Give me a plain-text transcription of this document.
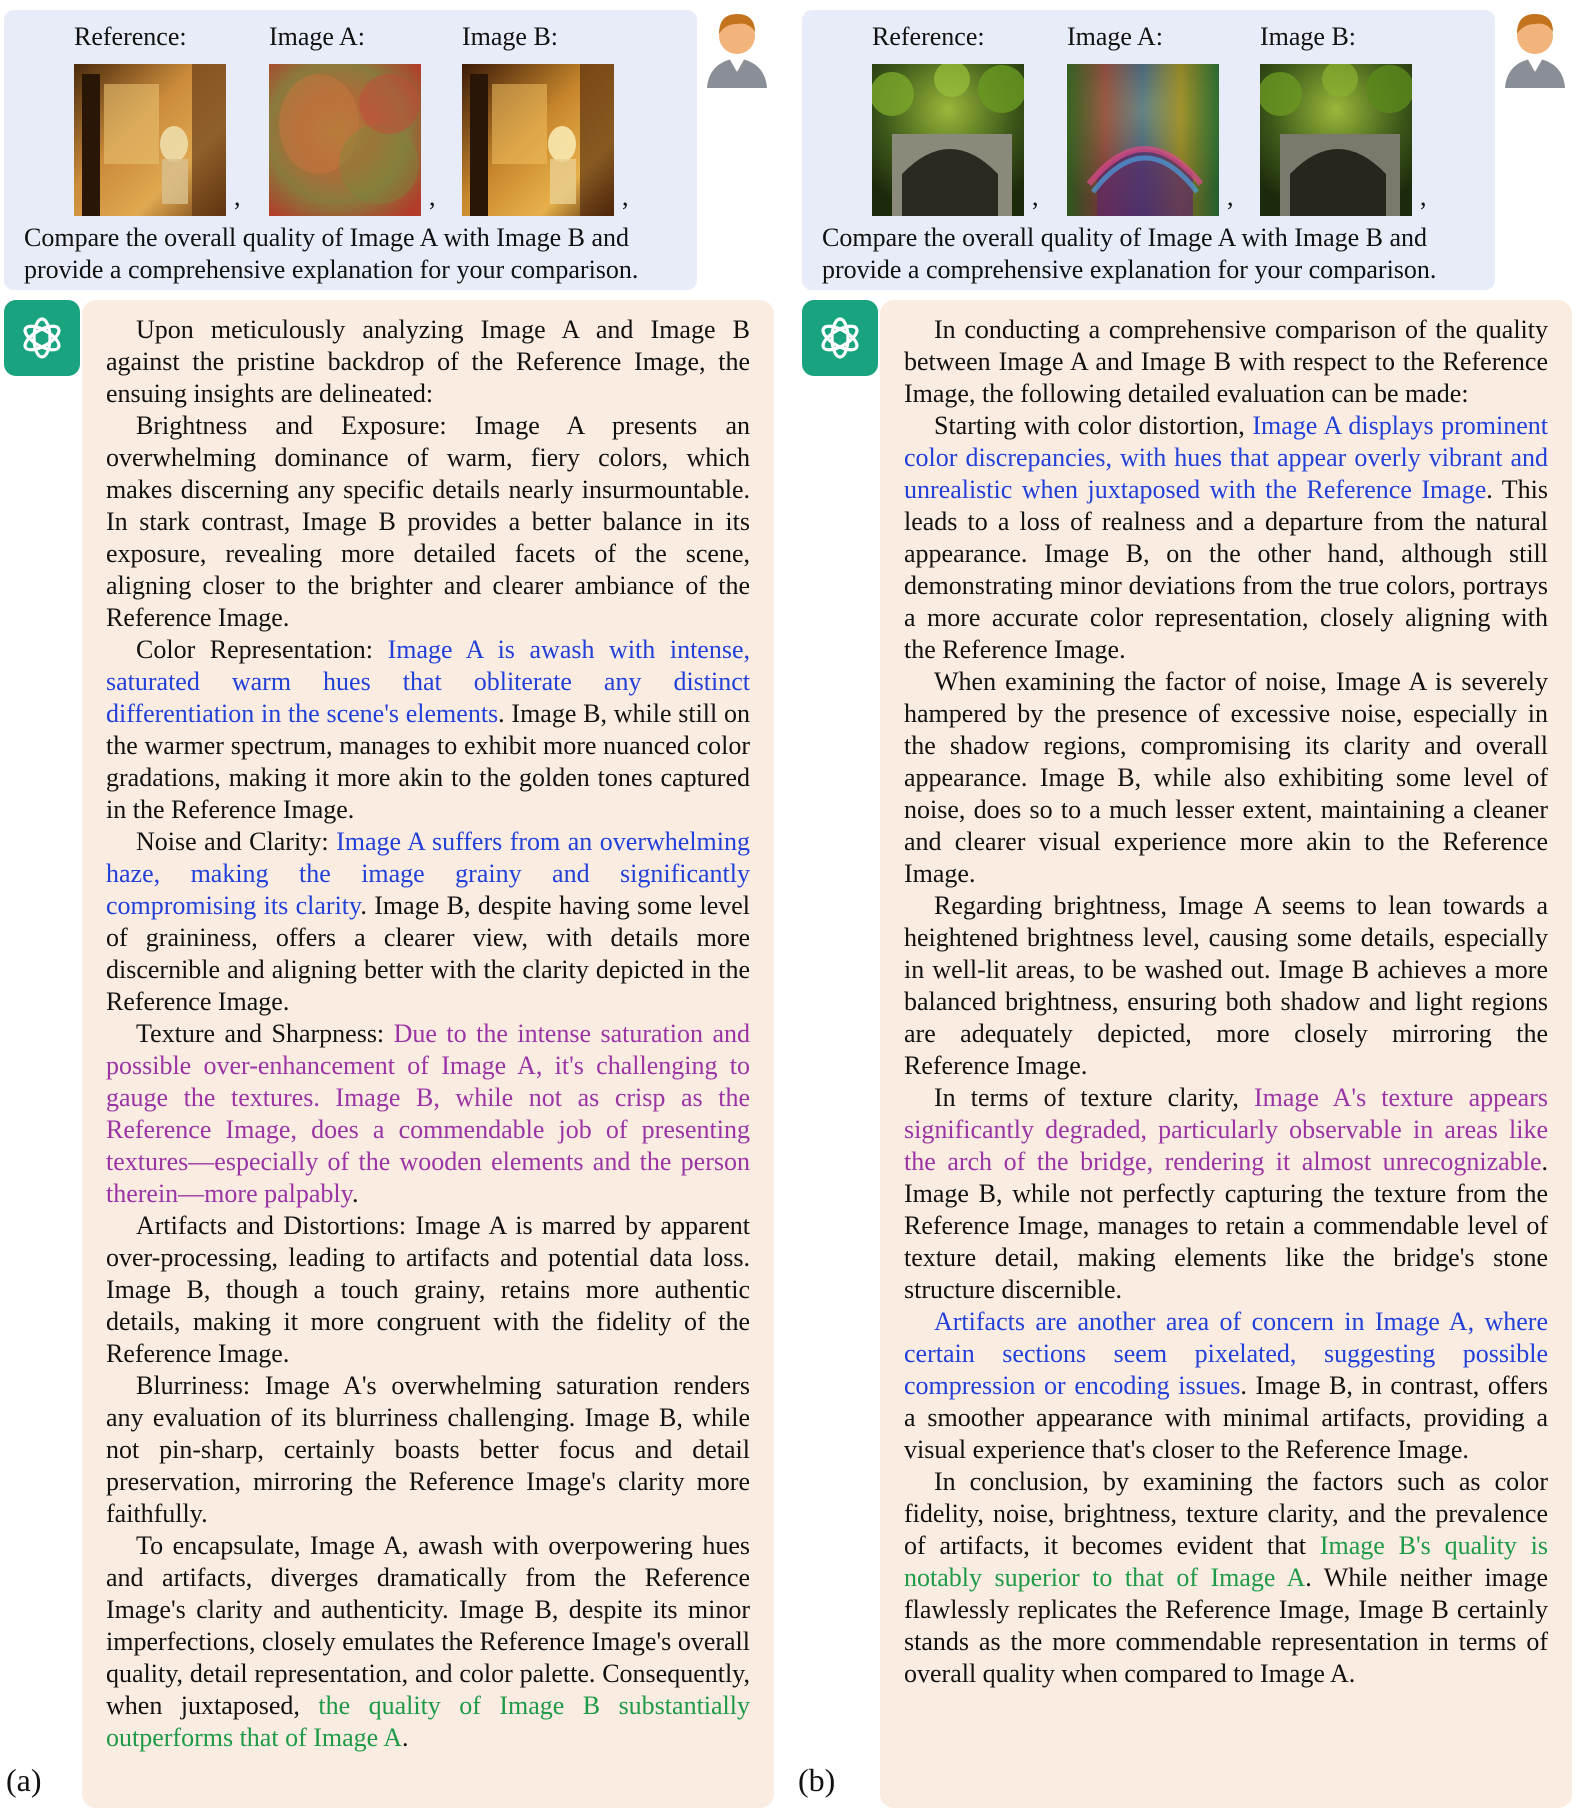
Reference:
,
Image A:
,
Image B:
,
Compare the overall quality of Image A with Image B and provide a comprehensive explanation for your comparison.

Upon meticulously analyzing Image A and Image B against the pristine backdrop of the Reference Image, the ensuing insights are delineated:

Brightness and Exposure: Image A presents an overwhelming dominance of warm, fiery colors, which makes discerning any specific details nearly insurmountable. In stark contrast, Image B provides a better balance in its exposure, revealing more detailed facets of the scene, aligning closer to the brighter and clearer ambiance of the Reference Image.

Color Representation: Image A is awash with intense, saturated warm hues that obliterate any distinct differentiation in the scene's elements. Image B, while still on the warmer spectrum, manages to exhibit more nuanced color gradations, making it more akin to the golden tones captured in the Reference Image.

Noise and Clarity: Image A suffers from an overwhelming haze, making the image grainy and significantly compromising its clarity. Image B, despite having some level of graininess, offers a clearer view, with details more discernible and aligning better with the clarity depicted in the Reference Image.

Texture and Sharpness: Due to the intense saturation and possible over-enhancement of Image A, it's challenging to gauge the textures. Image B, while not as crisp as the Reference Image, does a commendable job of presenting textures—especially of the wooden elements and the person therein—more palpably.

Artifacts and Distortions: Image A is marred by apparent over-processing, leading to artifacts and potential data loss. Image B, though a touch grainy, retains more authentic details, making it more congruent with the fidelity of the Reference Image.

Blurriness: Image A's overwhelming saturation renders any evaluation of its blurriness challenging. Image B, while not pin-sharp, certainly boasts better focus and detail preservation, mirroring the Reference Image's clarity more faithfully.

To encapsulate, Image A, awash with overpowering hues and artifacts, diverges dramatically from the Reference Image's clarity and authenticity. Image B, despite its minor imperfections, closely emulates the Reference Image's overall quality, detail representation, and color palette. Consequently, when juxtaposed, the quality of Image B substantially outperforms that of Image A.

(a)
Reference:
,
Image A:
,
Image B:
,
Compare the overall quality of Image A with Image B and provide a comprehensive explanation for your comparison.

In conducting a comprehensive comparison of the quality between Image A and Image B with respect to the Reference Image, the following detailed evaluation can be made:

Starting with color distortion, Image A displays prominent color discrepancies, with hues that appear overly vibrant and unrealistic when juxtaposed with the Reference Image. This leads to a loss of realness and a departure from the natural appearance. Image B, on the other hand, although still demonstrating minor deviations from the true colors, portrays a more accurate color representation, closely aligning with the Reference Image.

When examining the factor of noise, Image A is severely hampered by the presence of excessive noise, especially in the shadow regions, compromising its clarity and overall appearance. Image B, while also exhibiting some level of noise, does so to a much lesser extent, maintaining a cleaner and clearer visual experience more akin to the Reference Image.

Regarding brightness, Image A seems to lean towards a heightened brightness level, causing some details, especially in well-lit areas, to be washed out. Image B achieves a more balanced brightness, ensuring both shadow and light regions are adequately depicted, more closely mirroring the Reference Image.

In terms of texture clarity, Image A's texture appears significantly degraded, particularly observable in areas like the arch of the bridge, rendering it almost unrecognizable. Image B, while not perfectly capturing the texture from the Reference Image, manages to retain a commendable level of texture detail, making elements like the bridge's stone structure discernible.

Artifacts are another area of concern in Image A, where certain sections seem pixelated, suggesting possible compression or encoding issues. Image B, in contrast, offers a smoother appearance with minimal artifacts, providing a visual experience that's closer to the Reference Image.

In conclusion, by examining the factors such as color fidelity, noise, brightness, texture clarity, and the prevalence of artifacts, it becomes evident that Image B's quality is notably superior to that of Image A. While neither image flawlessly replicates the Reference Image, Image B certainly stands as the more commendable representation in terms of overall quality when compared to Image A.

(b)
